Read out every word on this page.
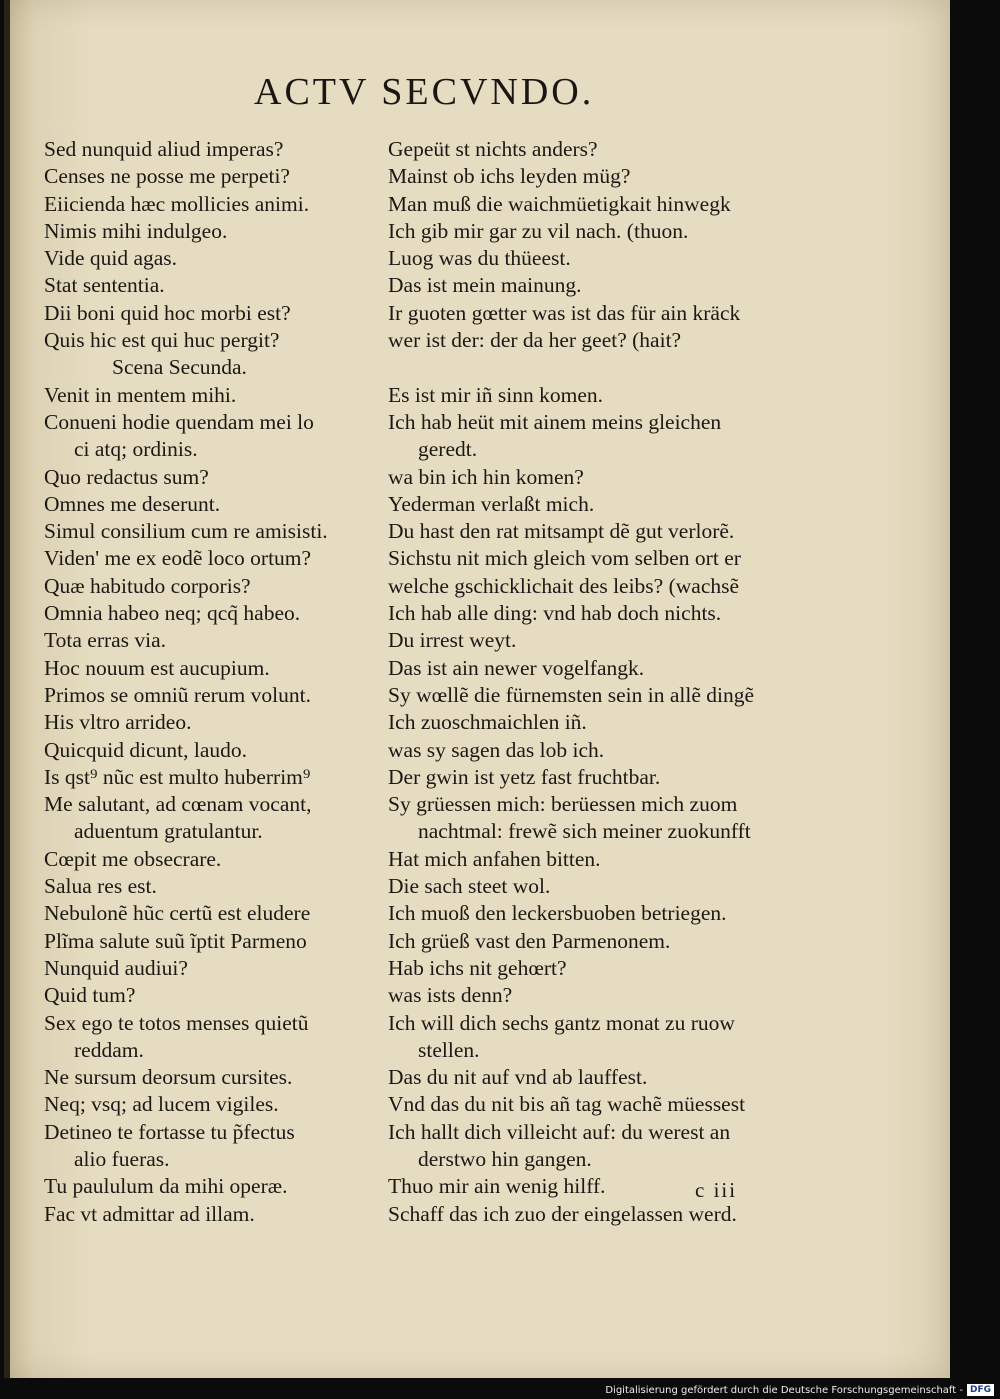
ACTV SECVNDO.
Sed nunquid aliud imperas?
Censes ne posse me perpeti?
Eiicienda hæc mollicies animi.
Nimis mihi indulgeo.
Vide quid agas.
Stat sententia.
Dii boni quid hoc morbi est?
Quis hic est qui huc pergit?
Scena Secunda.
Venit in mentem mihi.
Conueni hodie quendam mei lo
ci atq; ordinis.
Quo redactus sum?
Omnes me deserunt.
Simul consilium cum re amisisti.
Viden' me ex eodẽ loco ortum?
Quæ habitudo corporis?
Omnia habeo neq; qcq̃ habeo.
Tota erras via.
Hoc nouum est aucupium.
Primos se omniũ rerum volunt.
His vltro arrideo.
Quicquid dicunt, laudo.
Is qst⁹ nũc est multo huberrim⁹
Me salutant, ad cœnam vocant,
aduentum gratulantur.
Cœpit me obsecrare.
Salua res est.
Nebulonẽ hũc certũ est eludere
Plĩma salute suũ ĩptit Parmeno
Nunquid audiui?
Quid tum?
Sex ego te totos menses quietũ
reddam.
Ne sursum deorsum cursites.
Neq; vsq; ad lucem vigiles.
Detineo te fortasse tu p̃fectus
alio fueras.
Tu paululum da mihi operæ.
Fac vt admittar ad illam.
Gepeüt st nichts anders?
Mainst ob ichs leyden müg?
Man muß die waichmüetigkait hinwegk
Ich gib mir gar zu vil nach. (thuon.
Luog was du thüeest.
Das ist mein mainung.
Ir guoten gœtter was ist das für ain kräck
wer ist der: der da her geet? (hait?
Es ist mir iñ sinn komen.
Ich hab heüt mit ainem meins gleichen
geredt.
wa bin ich hin komen?
Yederman verlaßt mich.
Du hast den rat mitsampt dẽ gut verlorẽ.
Sichstu nit mich gleich vom selben ort er
welche gschicklichait des leibs? (wachsẽ
Ich hab alle ding: vnd hab doch nichts.
Du irrest weyt.
Das ist ain newer vogelfangk.
Sy wœllẽ die fürnemsten sein in allẽ dingẽ
Ich zuoschmaichlen iñ.
was sy sagen das lob ich.
Der gwin ist yetz fast fruchtbar.
Sy grüessen mich: berüessen mich zuom
nachtmal: frewẽ sich meiner zuokunfft
Hat mich anfahen bitten.
Die sach steet wol.
Ich muoß den leckersbuoben betriegen.
Ich grüeß vast den Parmenonem.
Hab ichs nit gehœrt?
was ists denn?
Ich will dich sechs gantz monat zu ruow
stellen.
Das du nit auf vnd ab lauffest.
Vnd das du nit bis añ tag wachẽ müessest
Ich hallt dich villeicht auf: du werest an
derstwo hin gangen.
Thuo mir ain wenig hilff.
Schaff das ich zuo der eingelassen werd.
c iii
Digitalisierung gefördert durch die Deutsche Forschungsgemeinschaft - DFG
